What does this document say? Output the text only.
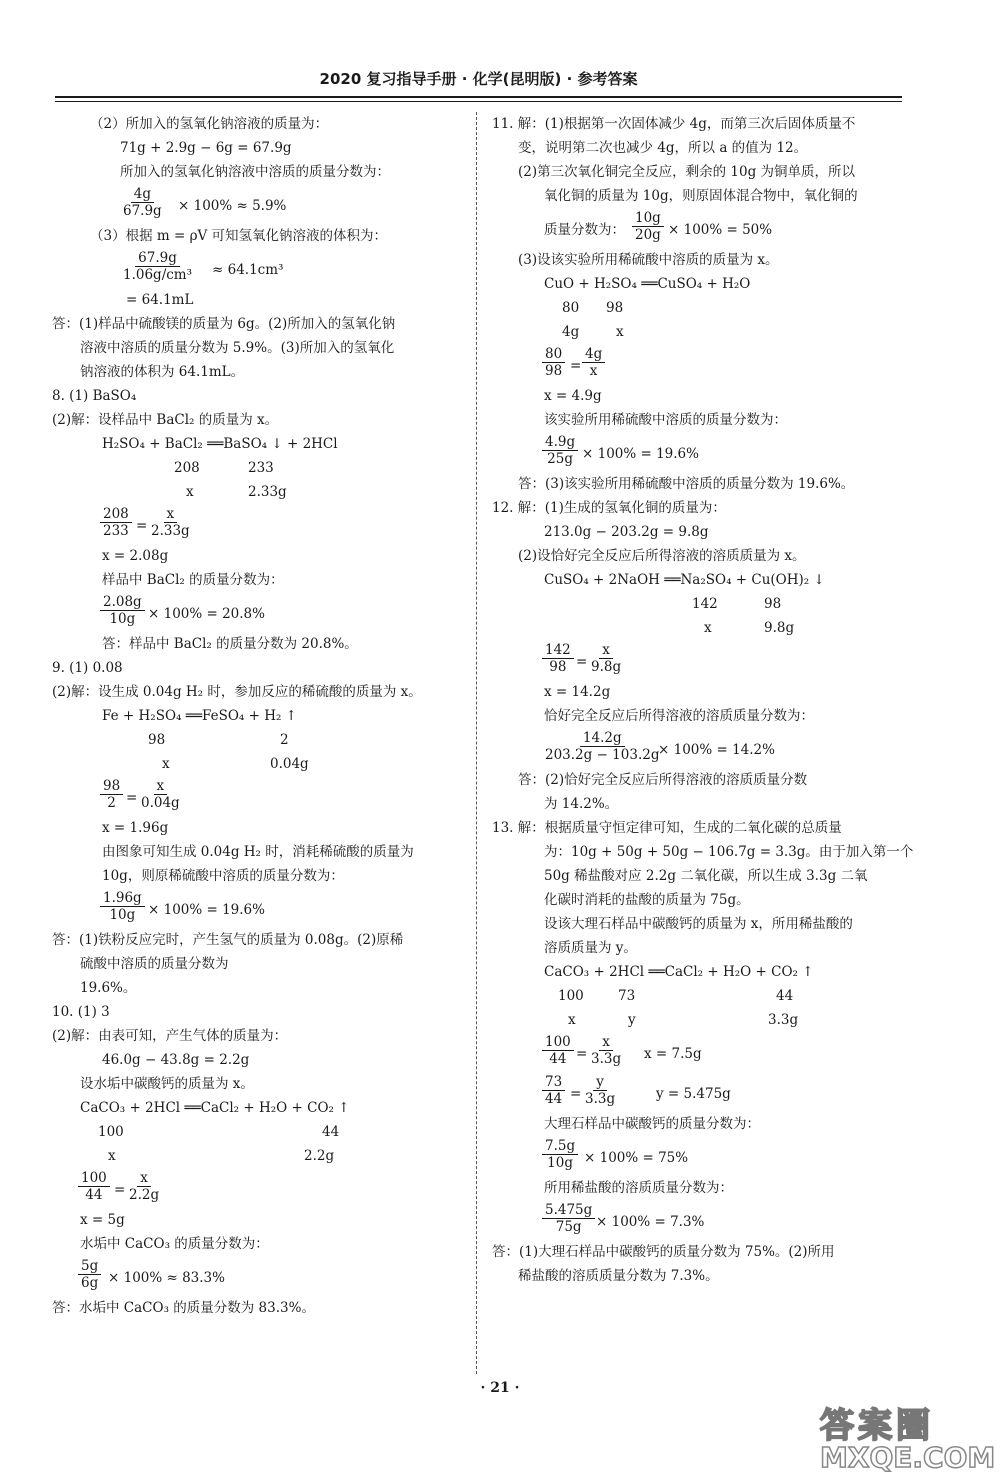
2020 复习指导手册 · 化学(昆明版) · 参考答案
（2）所加入的氢氧化钠溶液的质量为：
71g + 2.9g − 6g = 67.9g
所加入的氢氧化钠溶液中溶质的质量分数为：
$\frac{4g}{67.9g} \times 100\% \approx 5.9\%$
（3）根据 m = ρV 可知氢氧化钠溶液的体积为：
$\frac{67.9g}{\text{1.06g/cm³}} \approx 64.1cm^3$
= 64.1mL
答：(1)样品中硫酸镁的质量为 6g。(2)所加入的氢氧化钠
溶液中溶质的质量分数为 5.9%。(3)所加入的氢氧化
钠溶液的体积为 64.1mL。
8. (1) BaSO₄
(2)解：设样品中 BaCl₂ 的质量为 x。
H₂SO₄ + BaCl₂ ══BaSO₄ ↓ + 2HCl
208	233
x	2.33g
$\frac{208}{233} = \frac{x}{2.33g}$
x = 2.08g
样品中 BaCl₂ 的质量分数为：
$\frac{2.08g}{10g} \times 100\% = 20.8\%$
答：样品中 BaCl₂ 的质量分数为 20.8%。
9. (1) 0.08
(2)解：设生成 0.04g H₂ 时，参加反应的稀硫酸的质量为 x。
Fe + H₂SO₄ ══FeSO₄ + H₂ ↑
98	2
x	0.04g
$\frac{98}{2} = \frac{x}{0.04g}$
x = 1.96g
由图象可知生成 0.04g H₂ 时，消耗稀硫酸的质量为
10g，则原稀硫酸中溶质的质量分数为：
$\frac{1.96g}{10g} \times 100\% = 19.6\%$
答：(1)铁粉反应完时，产生氢气的质量为 0.08g。(2)原稀
硫酸中溶质的质量分数为
19.6%。
10. (1) 3
(2)解：由表可知，产生气体的质量为：
46.0g − 43.8g = 2.2g
设水垢中碳酸钙的质量为 x。
CaCO₃ + 2HCl ══CaCl₂ + H₂O + CO₂ ↑
100	44
x	2.2g
$\frac{100}{44} = \frac{x}{2.2g}$
x = 5g
水垢中 CaCO₃ 的质量分数为：
$\frac{5g}{6g} \times 100\% \approx 83.3\%$
答：水垢中 CaCO₃ 的质量分数为 83.3%。
11. 解：(1)根据第一次固体减少 4g，而第三次后固体质量不
变，说明第二次也减少 4g，所以 a 的值为 12。
(2)第三次氧化铜完全反应，剩余的 10g 为铜单质，所以
氧化铜的质量为 10g，则原固体混合物中，氧化铜的
质量分数为： $\frac{10g}{20g} \times 100\% = 50\%$
(3)设该实验所用稀硫酸中溶质的质量为 x。
CuO + H₂SO₄ ══CuSO₄ + H₂O
80 98
4g	x
$\frac{80}{98} = \frac{4g}{x}$
x = 4.9g
该实验所用稀硫酸中溶质的质量分数为：
$\frac{4.9g}{25g} \times 100\% = 19.6\%$
答：(3)该实验所用稀硫酸中溶质的质量分数为 19.6%。
12. 解：(1)生成的氢氧化铜的质量为：
213.0g − 203.2g = 9.8g
(2)设恰好完全反应后所得溶液的溶质质量为 x。
CuSO₄ + 2NaOH ══Na₂SO₄ + Cu(OH)₂ ↓
142	98
x	9.8g
$\frac{142}{98} = \frac{x}{9.8g}$
x = 14.2g
恰好完全反应后所得溶液的溶质质量分数为：
$\frac{14.2g}{203.2g - 103.2g}$
× 100% = 14.2%
答：(2)恰好完全反应后所得溶液的溶质质量分数
为 14.2%。
13. 解：根据质量守恒定律可知，生成的二氧化碳的总质量
为：10g + 50g + 50g − 106.7g = 3.3g。由于加入第一个
50g 稀盐酸对应 2.2g 二氧化碳，所以生成 3.3g 二氧
化碳时消耗的盐酸的质量为 75g。
设该大理石样品中碳酸钙的质量为 x，所用稀盐酸的
溶质质量为 y。
CaCO₃ + 2HCl ══CaCl₂ + H₂O + CO₂ ↑
100	73	44
x	y	3.3g
$\frac{100}{44} = \frac{x}{3.3g}$ x = 7.5g
$\frac{73}{44} = \frac{y}{3.3g}$	y = 5.475g
大理石样品中碳酸钙的质量分数为：
$\frac{7.5g}{10g} \times 100\% = 75\%$
所用稀盐酸的溶质质量分数为：
$\frac{5.475g}{75g} \times 100\% = 7.3\%$
答：(1)大理石样品中碳酸钙的质量分数为 75%。(2)所用
稀盐酸的溶质质量分数为 7.3%。
· 21 ·
答案圈
MXQE.COM
